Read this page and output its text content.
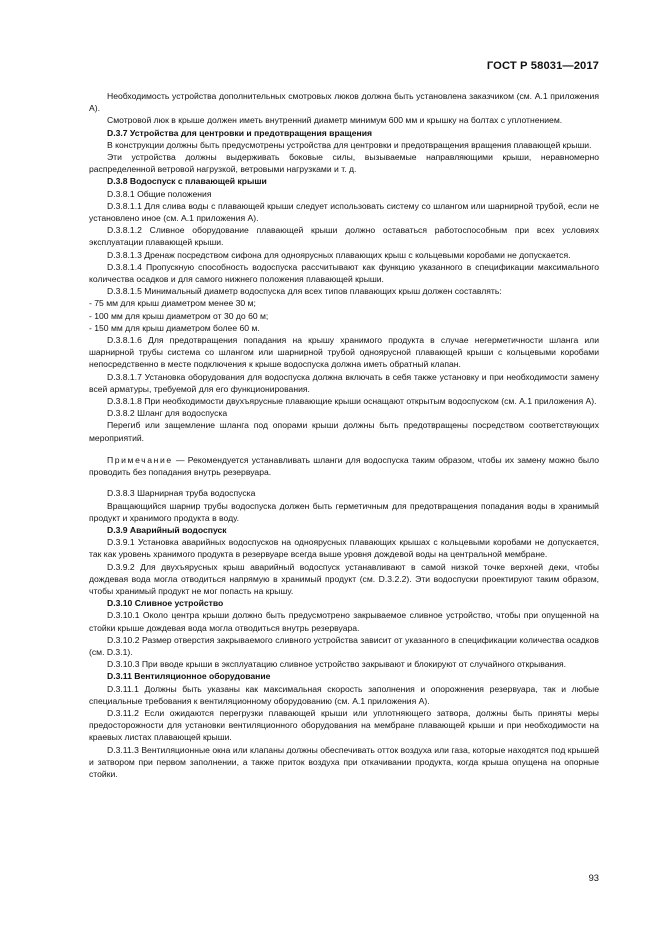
ГОСТ Р 58031—2017

Необходимость устройства дополнительных смотровых люков должна быть установлена заказчиком (см. А.1 приложения А).

Смотровой люк в крыше должен иметь внутренний диаметр минимум 600 мм и крышку на болтах с уплотнением.

D.3.7 Устройства для центровки и предотвращения вращения

В конструкции должны быть предусмотрены устройства для центровки и предотвращения вращения плавающей крыши.

Эти устройства должны выдерживать боковые силы, вызываемые направляющими крыши, неравномерно распределенной ветровой нагрузкой, ветровыми нагрузками и т. д.

D.3.8 Водоспуск с плавающей крыши

D.3.8.1 Общие положения

D.3.8.1.1 Для слива воды с плавающей крыши следует использовать систему со шлангом или шарнирной трубой, если не установлено иное (см. А.1 приложения А).

D.3.8.1.2 Сливное оборудование плавающей крыши должно оставаться работоспособным при всех условиях эксплуатации плавающей крыши.

D.3.8.1.3 Дренаж посредством сифона для одноярусных плавающих крыш с кольцевыми коробами не допускается.

D.3.8.1.4 Пропускную способность водоспуска рассчитывают как функцию указанного в спецификации максимального количества осадков и для самого нижнего положения плавающей крыши.

D.3.8.1.5 Минимальный диаметр водоспуска для всех типов плавающих крыш должен составлять:

- 75 мм для крыш диаметром менее 30 м;

- 100 мм для крыш диаметром от 30 до 60 м;

- 150 мм для крыш диаметром более 60 м.

D.3.8.1.6 Для предотвращения попадания на крышу хранимого продукта в случае негерметичности шланга или шарнирной трубы система со шлангом или шарнирной трубой одноярусной плавающей крыши с кольцевыми коробами непосредственно в месте подключения к крыше водоспуска должна иметь обратный клапан.

D.3.8.1.7 Установка оборудования для водоспуска должна включать в себя также установку и при необходимости замену всей арматуры, требуемой для его функционирования.

D.3.8.1.8 При необходимости двухъярусные плавающие крыши оснащают открытым водоспуском (см. А.1 приложения А).

D.3.8.2 Шланг для водоспуска

Перегиб или защемление шланга под опорами крыши должны быть предотвращены посредством соответствующих мероприятий.

Примечание — Рекомендуется устанавливать шланги для водоспуска таким образом, чтобы их замену можно было проводить без попадания внутрь резервуара.

D.3.8.3 Шарнирная труба водоспуска

Вращающийся шарнир трубы водоспуска должен быть герметичным для предотвращения попадания воды в хранимый продукт и хранимого продукта в воду.

D.3.9 Аварийный водоспуск

D.3.9.1 Установка аварийных водоспусков на одноярусных плавающих крышах с кольцевыми коробами не допускается, так как уровень хранимого продукта в резервуаре всегда выше уровня дождевой воды на центральной мембране.

D.3.9.2 Для двухъярусных крыш аварийный водоспуск устанавливают в самой низкой точке верхней деки, чтобы дождевая вода могла отводиться напрямую в хранимый продукт (см. D.3.2.2). Эти водоспуски проектируют таким образом, чтобы хранимый продукт не мог попасть на крышу.

D.3.10 Сливное устройство

D.3.10.1 Около центра крыши должно быть предусмотрено закрываемое сливное устройство, чтобы при опущенной на стойки крыше дождевая вода могла отводиться внутрь резервуара.

D.3.10.2 Размер отверстия закрываемого сливного устройства зависит от указанного в спецификации количества осадков (см. D.3.1).

D.3.10.3 При вводе крыши в эксплуатацию сливное устройство закрывают и блокируют от случайного открывания.

D.3.11 Вентиляционное оборудование

D.3.11.1 Должны быть указаны как максимальная скорость заполнения и опорожнения резервуара, так и любые специальные требования к вентиляционному оборудованию (см. А.1 приложения А).

D.3.11.2 Если ожидаются перегрузки плавающей крыши или уплотняющего затвора, должны быть приняты меры предосторожности для установки вентиляционного оборудования на мембране плавающей крыши и при необходимости на краевых листах плавающей крыши.

D.3.11.3 Вентиляционные окна или клапаны должны обеспечивать отток воздуха или газа, которые находятся под крышей и затвором при первом заполнении, а также приток воздуха при откачивании продукта, когда крыша опущена на опорные стойки.

93
